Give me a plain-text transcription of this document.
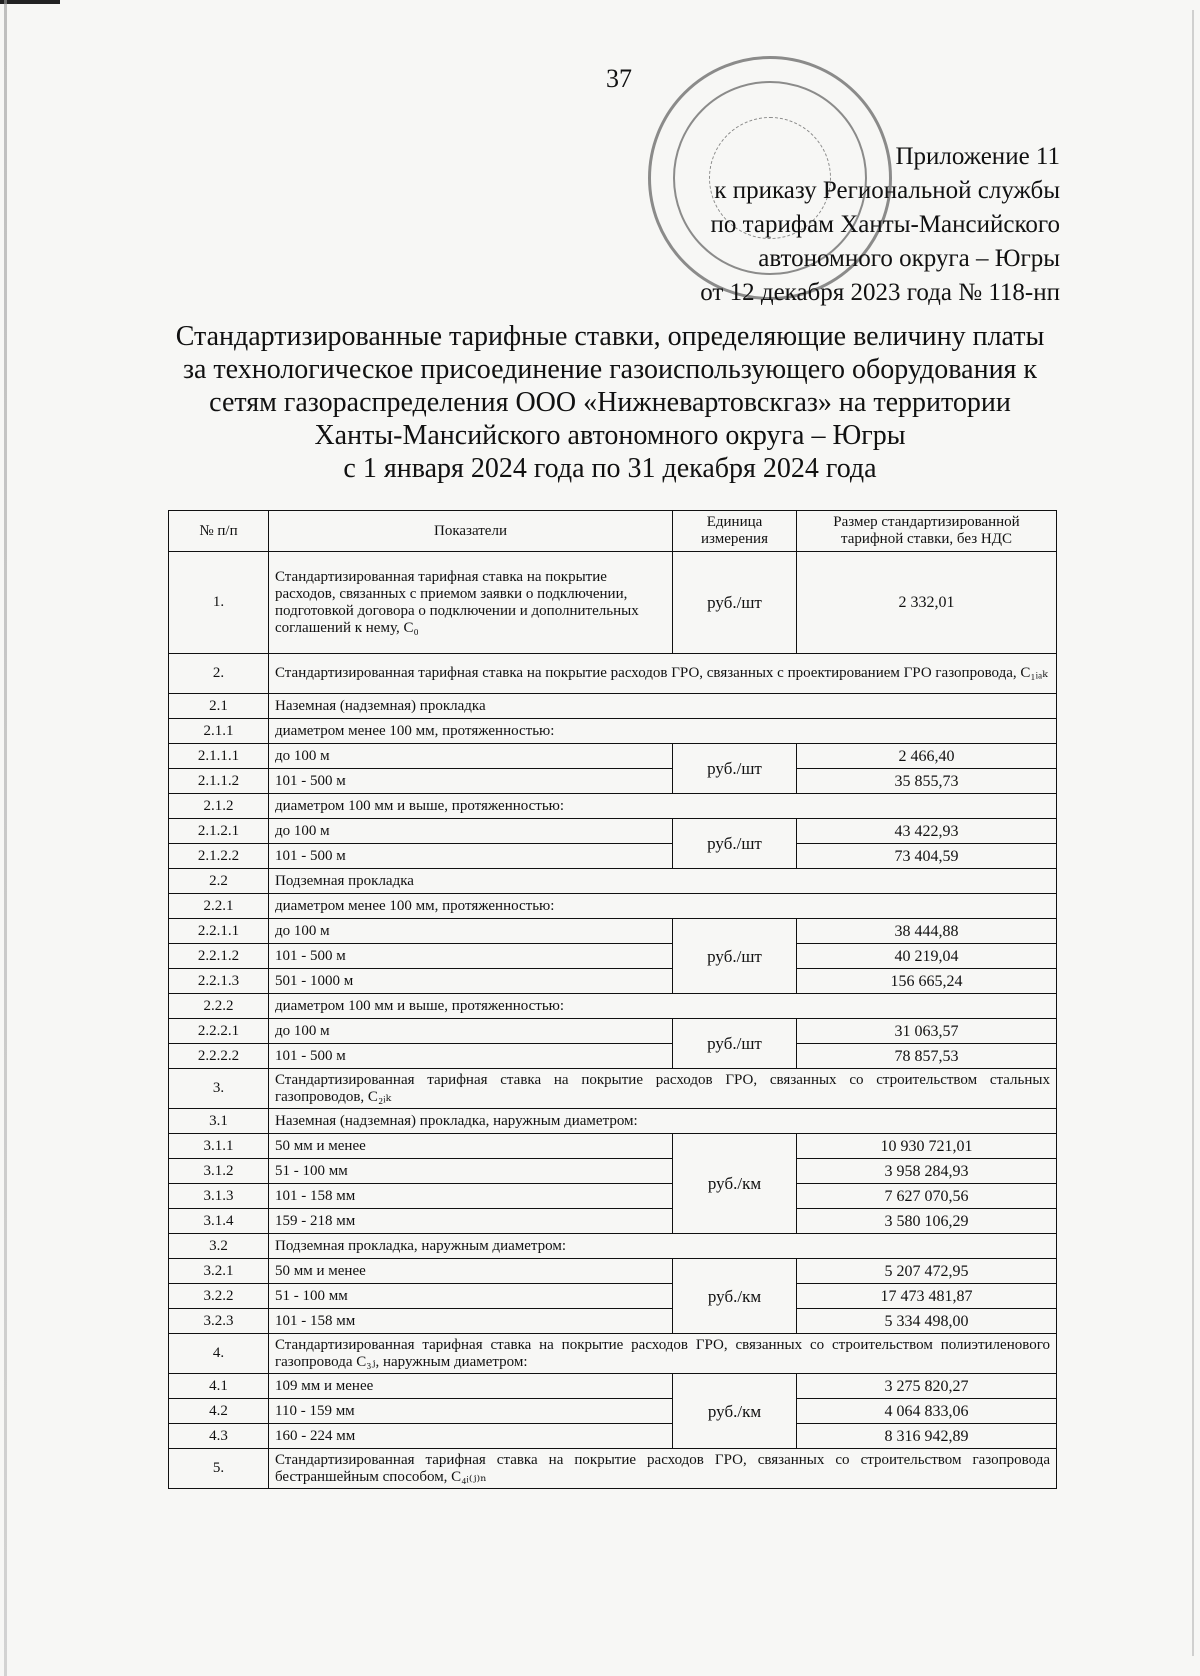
37
Приложение 11
к приказу Региональной службы
по тарифам Ханты-Мансийского
автономного округа – Югры
от 12 декабря 2023 года № 118-нп
Стандартизированные тарифные ставки, определяющие величину платы
за технологическое присоединение газоиспользующего оборудования к
сетям газораспределения ООО «Нижневартовскгаз» на территории
Ханты-Мансийского автономного округа – Югры
с 1 января 2024 года по 31 декабря 2024 года
№ п/п	Показатели	Единица измерения	Размер стандартизированной тарифной ставки, без НДС
1.	Стандартизированная тарифная ставка на покрытие расходов, связанных с приемом заявки о подключении, подготовкой договора о подключении и дополнительных соглашений к нему, C₀	руб./шт	2 332,01
2.	Стандартизированная тарифная ставка на покрытие расходов ГРО, связанных с проектированием ГРО газопровода, C₁ᵢₐₖ		
2.1	Наземная (надземная) прокладка		
2.1.1	диаметром менее 100 мм, протяженностью:		
2.1.1.1	до 100 м	руб./шт	2 466,40
2.1.1.2	101 - 500 м		35 855,73
2.1.2	диаметром 100 мм и выше, протяженностью:		
2.1.2.1	до 100 м	руб./шт	43 422,93
2.1.2.2	101 - 500 м		73 404,59
2.2	Подземная прокладка		
2.2.1	диаметром менее 100 мм, протяженностью:		
2.2.1.1	до 100 м	руб./шт	38 444,88
2.2.1.2	101 - 500 м		40 219,04
2.2.1.3	501 - 1000 м		156 665,24
2.2.2	диаметром 100 мм и выше, протяженностью:		
2.2.2.1	до 100 м	руб./шт	31 063,57
2.2.2.2	101 - 500 м		78 857,53
3.	Стандартизированная тарифная ставка на покрытие расходов ГРО, связанных со строительством стальных газопроводов, C₂ᵢₖ		
3.1	Наземная (надземная) прокладка, наружным диаметром:		
3.1.1	50 мм и менее	руб./км	10 930 721,01
3.1.2	51 - 100 мм		3 958 284,93
3.1.3	101 - 158 мм		7 627 070,56
3.1.4	159 - 218 мм		3 580 106,29
3.2	Подземная прокладка, наружным диаметром:		
3.2.1	50 мм и менее	руб./км	5 207 472,95
3.2.2	51 - 100 мм		17 473 481,87
3.2.3	101 - 158 мм		5 334 498,00
4.	Стандартизированная тарифная ставка на покрытие расходов ГРО, связанных со строительством полиэтиленового газопровода C₃ⱼ, наружным диаметром:		
4.1	109 мм и менее	руб./км	3 275 820,27
4.2	110 - 159 мм		4 064 833,06
4.3	160 - 224 мм		8 316 942,89
5.	Стандартизированная тарифная ставка на покрытие расходов ГРО, связанных со строительством газопровода бестраншейным способом, C₄ᵢ₍ⱼ₎ₙ		
